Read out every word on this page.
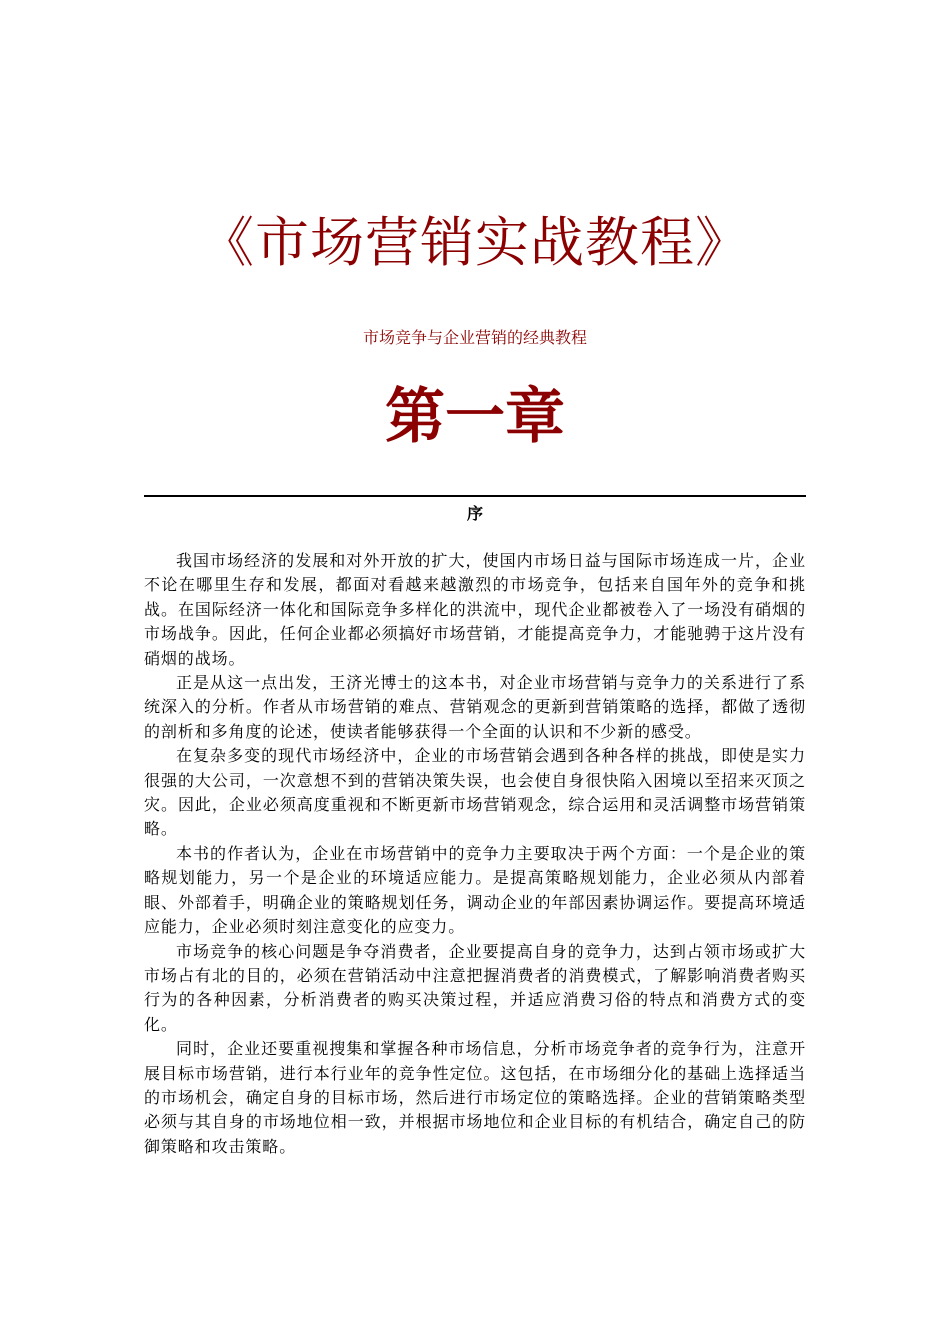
《市场营销实战教程》
市场竞争与企业营销的经典教程
第一章
序

我国市场经济的发展和对外开放的扩大，使国内市场日益与国际市场连成一片，企业不论在哪里生存和发展，都面对看越来越激烈的市场竞争，包括来自国年外的竞争和挑战。在国际经济一体化和国际竞争多样化的洪流中，现代企业都被卷入了一场没有硝烟的市场战争。因此，任何企业都必须搞好市场营销，才能提高竞争力，才能驰骋于这片没有硝烟的战场。

正是从这一点出发，王济光博士的这本书，对企业市场营销与竞争力的关系进行了系统深入的分析。作者从市场营销的难点、营销观念的更新到营销策略的选择，都做了透彻的剖析和多角度的论述，使读者能够获得一个全面的认识和不少新的感受。

在复杂多变的现代市场经济中，企业的市场营销会遇到各种各样的挑战，即使是实力很强的大公司，一次意想不到的营销决策失误，也会使自身很快陷入困境以至招来灭顶之灾。因此，企业必须高度重视和不断更新市场营销观念，综合运用和灵活调整市场营销策略。

本书的作者认为，企业在市场营销中的竞争力主要取决于两个方面：一个是企业的策略规划能力，另一个是企业的环境适应能力。是提高策略规划能力，企业必须从内部着眼、外部着手，明确企业的策略规划任务，调动企业的年部因素协调运作。要提高环境适应能力，企业必须时刻注意变化的应变力。

市场竞争的核心问题是争夺消费者，企业要提高自身的竞争力，达到占领市场或扩大市场占有北的目的，必须在营销活动中注意把握消费者的消费模式，了解影响消费者购买行为的各种因素，分析消费者的购买决策过程，并适应消费习俗的特点和消费方式的变化。

同时，企业还要重视搜集和掌握各种市场信息，分析市场竞争者的竞争行为，注意开展目标市场营销，进行本行业年的竞争性定位。这包括，在市场细分化的基础上选择适当的市场机会，确定自身的目标市场，然后进行市场定位的策略选择。企业的营销策略类型必须与其自身的市场地位相一致，并根据市场地位和企业目标的有机结合，确定自己的防御策略和攻击策略。
